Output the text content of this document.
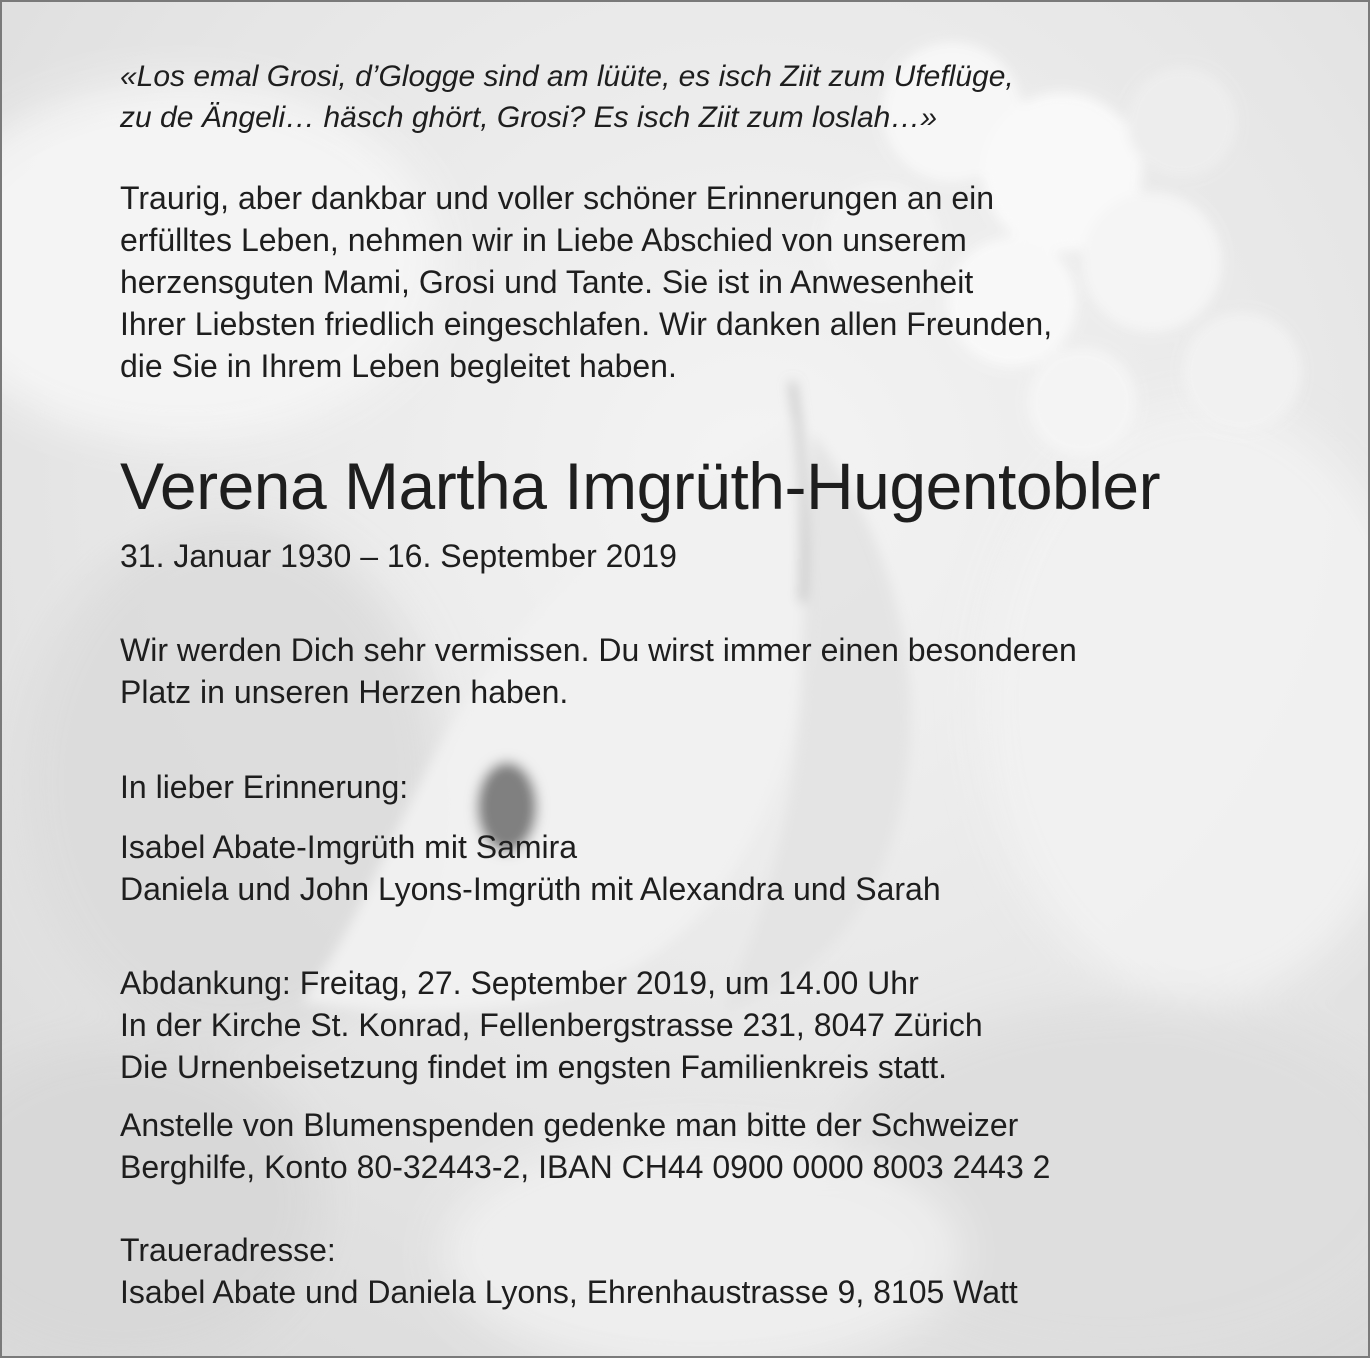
«Los emal Grosi, d’Glogge sind am lüüte, es isch Ziit zum Ufeflüge,
zu de Ängeli… häsch ghört, Grosi? Es isch Ziit zum loslah…»
Traurig, aber dankbar und voller schöner Erinnerungen an ein
erfülltes Leben, nehmen wir in Liebe Abschied von unserem
herzensguten Mami, Grosi und Tante. Sie ist in Anwesenheit
Ihrer Liebsten friedlich eingeschlafen. Wir danken allen Freunden,
die Sie in Ihrem Leben begleitet haben.
Verena Martha Imgrüth-Hugentobler
31. Januar 1930 – 16. September 2019
Wir werden Dich sehr vermissen. Du wirst immer einen besonderen
Platz in unseren Herzen haben.
In lieber Erinnerung:
Isabel Abate-Imgrüth mit Samira
Daniela und John Lyons-Imgrüth mit Alexandra und Sarah
Abdankung: Freitag, 27. September 2019, um 14.00 Uhr
In der Kirche St. Konrad, Fellenbergstrasse 231, 8047 Zürich
Die Urnenbeisetzung findet im engsten Familienkreis statt.
Anstelle von Blumenspenden gedenke man bitte der Schweizer
Berghilfe, Konto 80-32443-2, IBAN CH44 0900 0000 8003 2443 2
Traueradresse:
Isabel Abate und Daniela Lyons, Ehrenhaustrasse 9, 8105 Watt
